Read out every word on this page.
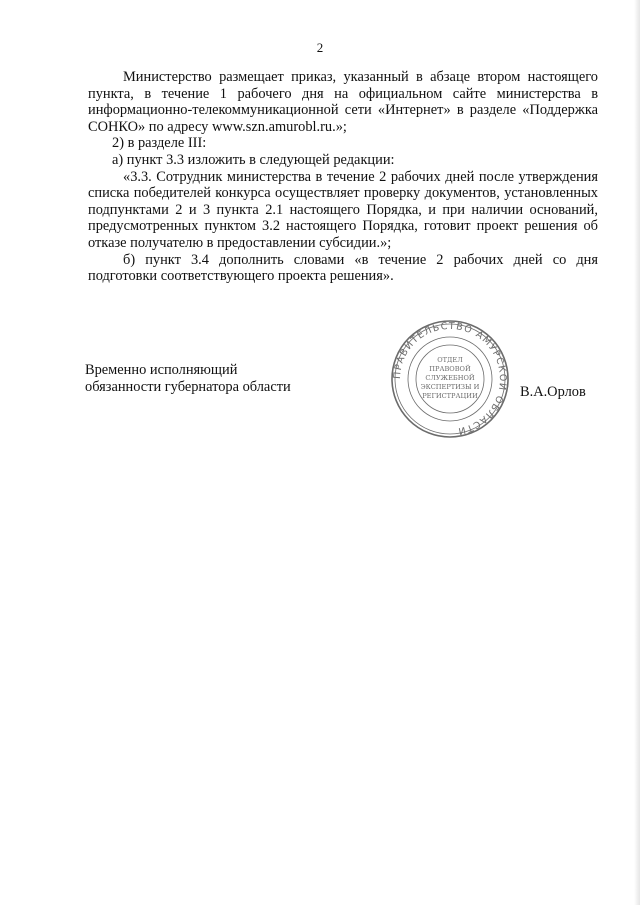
2

Министерство размещает приказ, указанный в абзаце втором настоящего пункта, в течение 1 рабочего дня на официальном сайте министерства в информационно-телекоммуникационной сети «Интернет» в разделе «Поддержка СОНКО» по адресу www.szn.amurobl.ru.»;

2) в разделе III:

а) пункт 3.3 изложить в следующей редакции:

«3.3. Сотрудник министерства в течение 2 рабочих дней после утверждения списка победителей конкурса осуществляет проверку документов, установленных подпунктами 2 и 3 пункта 2.1 настоящего Порядка, и при наличии оснований, предусмотренных пунктом 3.2 настоящего Порядка, готовит проект решения об отказе получателю в предоставлении субсидии.»;

б) пункт 3.4 дополнить словами «в течение 2 рабочих дней со дня подготовки соответствующего проекта решения».

Временно исполняющий
обязанности губернатора области
ПРАВИТЕЛЬСТВО АМУРСКОЙ ОБЛАСТИ
ОТДЕЛ
ПРАВОВОЙ
СЛУЖЕБНОЙ
ЭКСПЕРТИЗЫ И
РЕГИСТРАЦИИ	В.А.Орлов
